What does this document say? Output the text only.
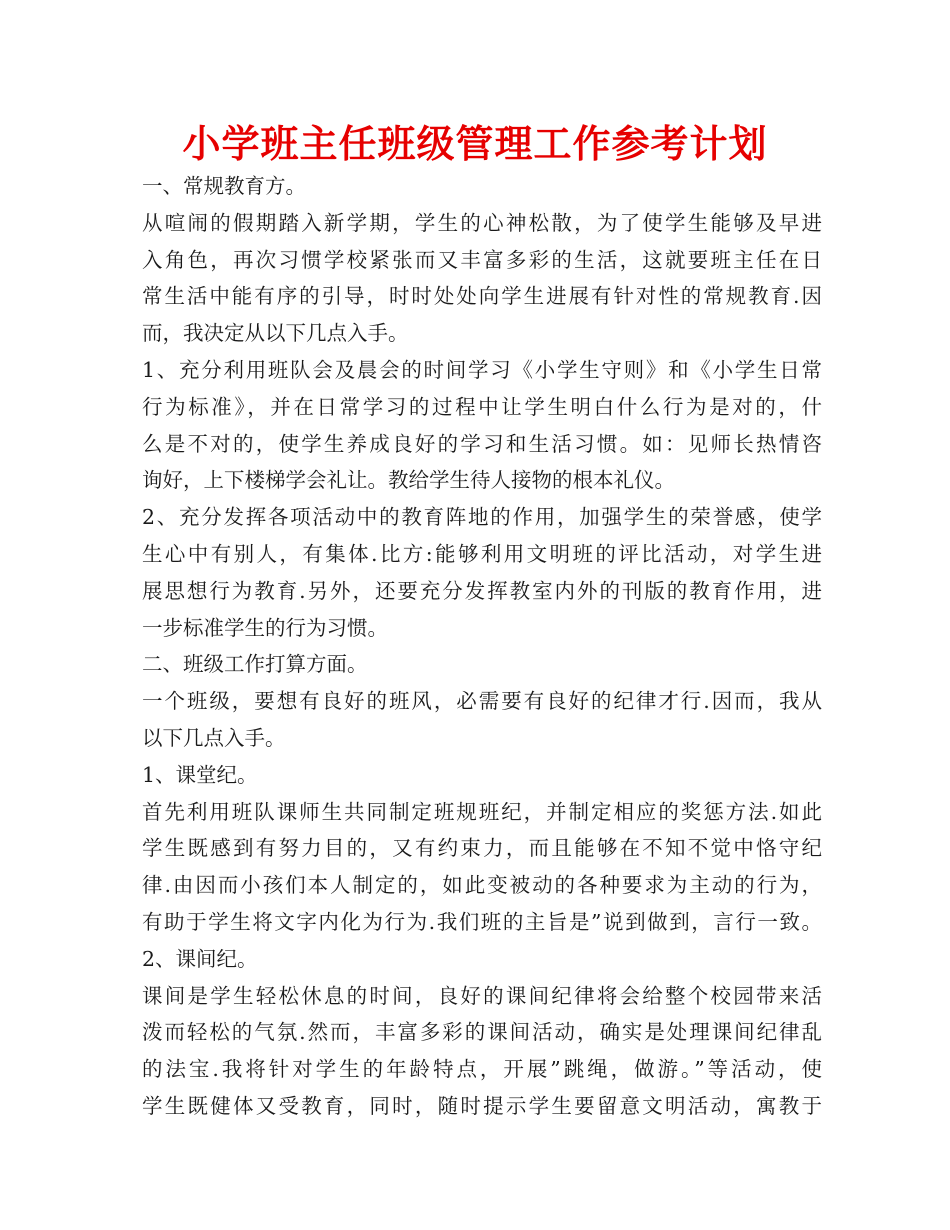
小学班主任班级管理工作参考计划
一、常规教育方。
从喧闹的假期踏入新学期，学生的心神松散，为了使学生能够及早进
入角色，再次习惯学校紧张而又丰富多彩的生活，这就要班主任在日
常生活中能有序的引导，时时处处向学生进展有针对性的常规教育.因
而，我决定从以下几点入手。
1、充分利用班队会及晨会的时间学习《小学生守则》和《小学生日常
行为标准》，并在日常学习的过程中让学生明白什么行为是对的，什
么是不对的，使学生养成良好的学习和生活习惯。如：见师长热情咨
询好，上下楼梯学会礼让。教给学生待人接物的根本礼仪。
2、充分发挥各项活动中的教育阵地的作用，加强学生的荣誉感，使学
生心中有别人，有集体.比方:能够利用文明班的评比活动，对学生进
展思想行为教育.另外，还要充分发挥教室内外的刊版的教育作用，进
一步标准学生的行为习惯。
二、班级工作打算方面。
一个班级，要想有良好的班风，必需要有良好的纪律才行.因而，我从
以下几点入手。
1、课堂纪。
首先利用班队课师生共同制定班规班纪，并制定相应的奖惩方法.如此
学生既感到有努力目的，又有约束力，而且能够在不知不觉中恪守纪
律.由因而小孩们本人制定的，如此变被动的各种要求为主动的行为，
有助于学生将文字内化为行为.我们班的主旨是”说到做到，言行一致。
2、课间纪。
课间是学生轻松休息的时间，良好的课间纪律将会给整个校园带来活
泼而轻松的气氛.然而，丰富多彩的课间活动，确实是处理课间纪律乱
的法宝.我将针对学生的年龄特点，开展”跳绳，做游。”等活动，使
学生既健体又受教育，同时，随时提示学生要留意文明活动，寓教于
